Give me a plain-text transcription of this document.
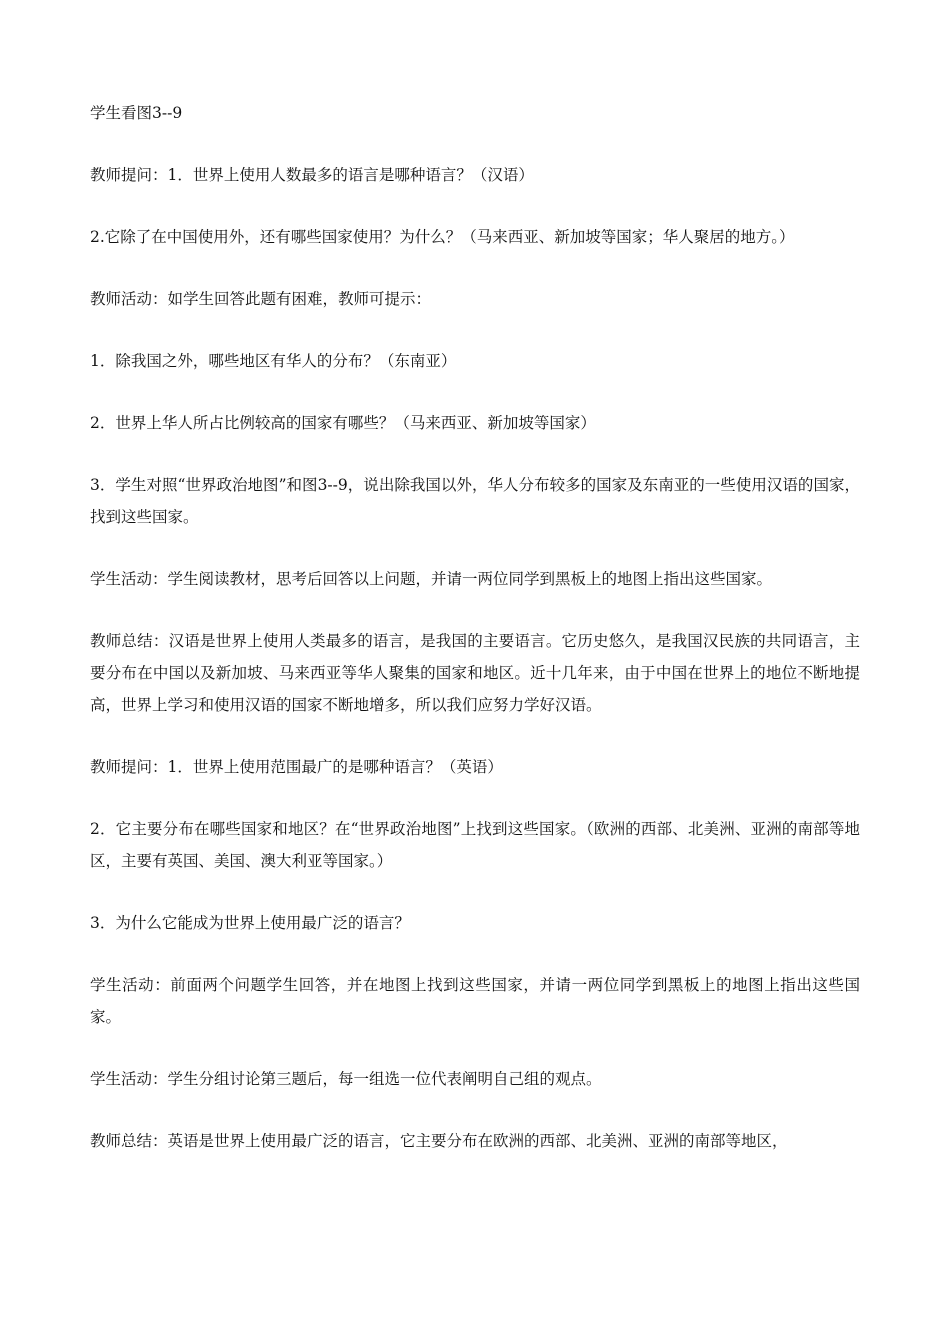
学生看图3--9

教师提问：1．世界上使用人数最多的语言是哪种语言？（汉语）

2.它除了在中国使用外，还有哪些国家使用？为什么？（马来西亚、新加坡等国家；华人聚居的地方。）

教师活动：如学生回答此题有困难，教师可提示：

1．除我国之外，哪些地区有华人的分布？（东南亚）

2．世界上华人所占比例较高的国家有哪些？（马来西亚、新加坡等国家）

3．学生对照“世界政治地图”和图3--9，说出除我国以外，华人分布较多的国家及东南亚的一些使用汉语的国家，找到这些国家。

学生活动：学生阅读教材，思考后回答以上问题，并请一两位同学到黑板上的地图上指出这些国家。

教师总结：汉语是世界上使用人类最多的语言，是我国的主要语言。它历史悠久，是我国汉民族的共同语言，主要分布在中国以及新加坡、马来西亚等华人聚集的国家和地区。近十几年来，由于中国在世界上的地位不断地提高，世界上学习和使用汉语的国家不断地增多，所以我们应努力学好汉语。

教师提问：1．世界上使用范围最广的是哪种语言？（英语）

2．它主要分布在哪些国家和地区？在“世界政治地图”上找到这些国家。（欧洲的西部、北美洲、亚洲的南部等地区，主要有英国、美国、澳大利亚等国家。）

3．为什么它能成为世界上使用最广泛的语言？

学生活动：前面两个问题学生回答，并在地图上找到这些国家，并请一两位同学到黑板上的地图上指出这些国家。

学生活动：学生分组讨论第三题后，每一组选一位代表阐明自己组的观点。

教师总结：英语是世界上使用最广泛的语言，它主要分布在欧洲的西部、北美洲、亚洲的南部等地区，
